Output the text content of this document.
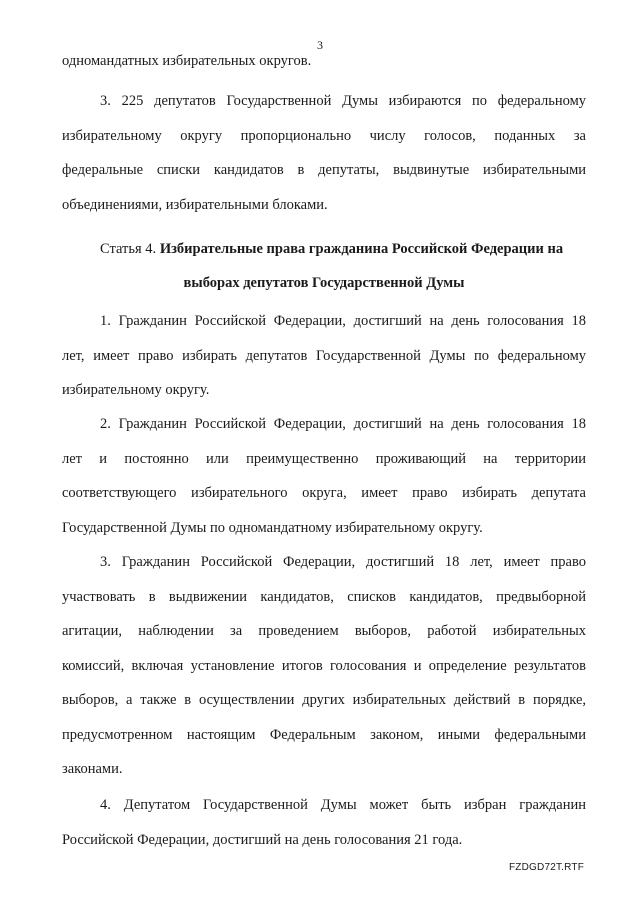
3
одномандатных избирательных округов.
3. 225 депутатов Государственной Думы избираются по федеральному
избирательному округу пропорционально числу голосов, поданных за
федеральные списки кандидатов в депутаты, выдвинутые избирательными
объединениями, избирательными блоками.
Статья 4. Избирательные права гражданина Российской Федерации на
выборах депутатов Государственной Думы
1. Гражданин Российской Федерации, достигший на день голосования 18
лет, имеет право избирать депутатов Государственной Думы по федеральному
избирательному округу.
2. Гражданин Российской Федерации, достигший на день голосования 18
лет и постоянно или преимущественно проживающий на территории
соответствующего избирательного округа, имеет право избирать депутата
Государственной Думы по одномандатному избирательному округу.
3. Гражданин Российской Федерации, достигший 18 лет, имеет право
участвовать в выдвижении кандидатов, списков кандидатов, предвыборной
агитации, наблюдении за проведением выборов, работой избирательных
комиссий, включая установление итогов голосования и определение результатов
выборов, а также в осуществлении других избирательных действий в порядке,
предусмотренном настоящим Федеральным законом, иными федеральными
законами.
4. Депутатом Государственной Думы может быть избран гражданин
Российской Федерации, достигший на день голосования 21 года.
FZDGD72T.RTF
